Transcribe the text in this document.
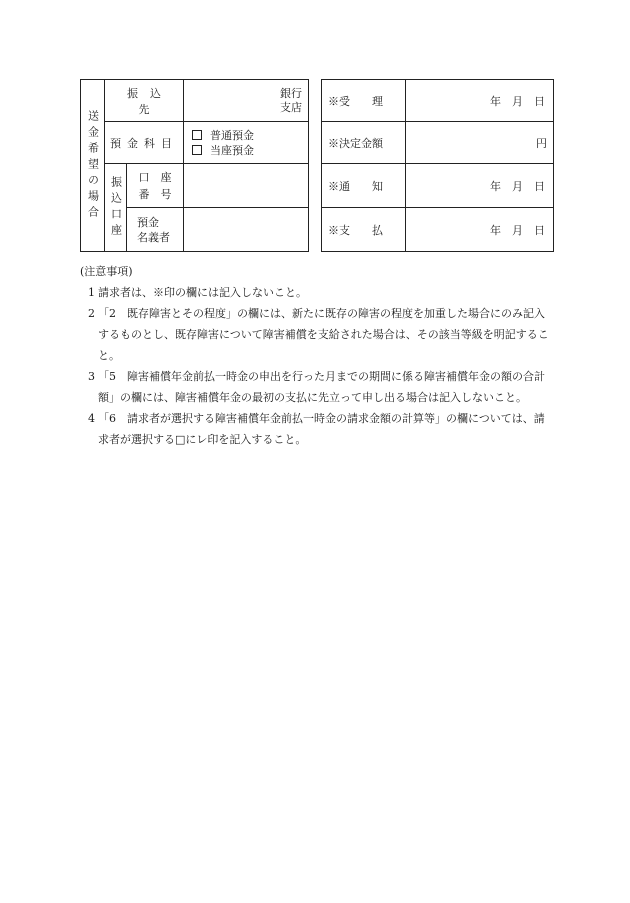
送金希望の場合	振込先		銀行
支店

	預金科目		普通預金
当座預金

	振込口座	口　座
番　号	

		預金
名義者	

※受　　理	年　月　日
※決定金額	円
※通　　知	年　月　日
※支　　払	年　月　日
(注意事項)
1 請求者は、※印の欄には記入しないこと。
2 「2　既存障害とその程度」の欄には、新たに既存の障害の程度を加重した場合にのみ記入するものとし、既存障害について障害補償を支給された場合は、その該当等級を明記すること。
3 「5　障害補償年金前払一時金の申出を行った月までの期間に係る障害補償年金の額の合計額」の欄には、障害補償年金の最初の支払に先立って申し出る場合は記入しないこと。
4 「6　請求者が選択する障害補償年金前払一時金の請求金額の計算等」の欄については、請求者が選択する□にレ印を記入すること。
